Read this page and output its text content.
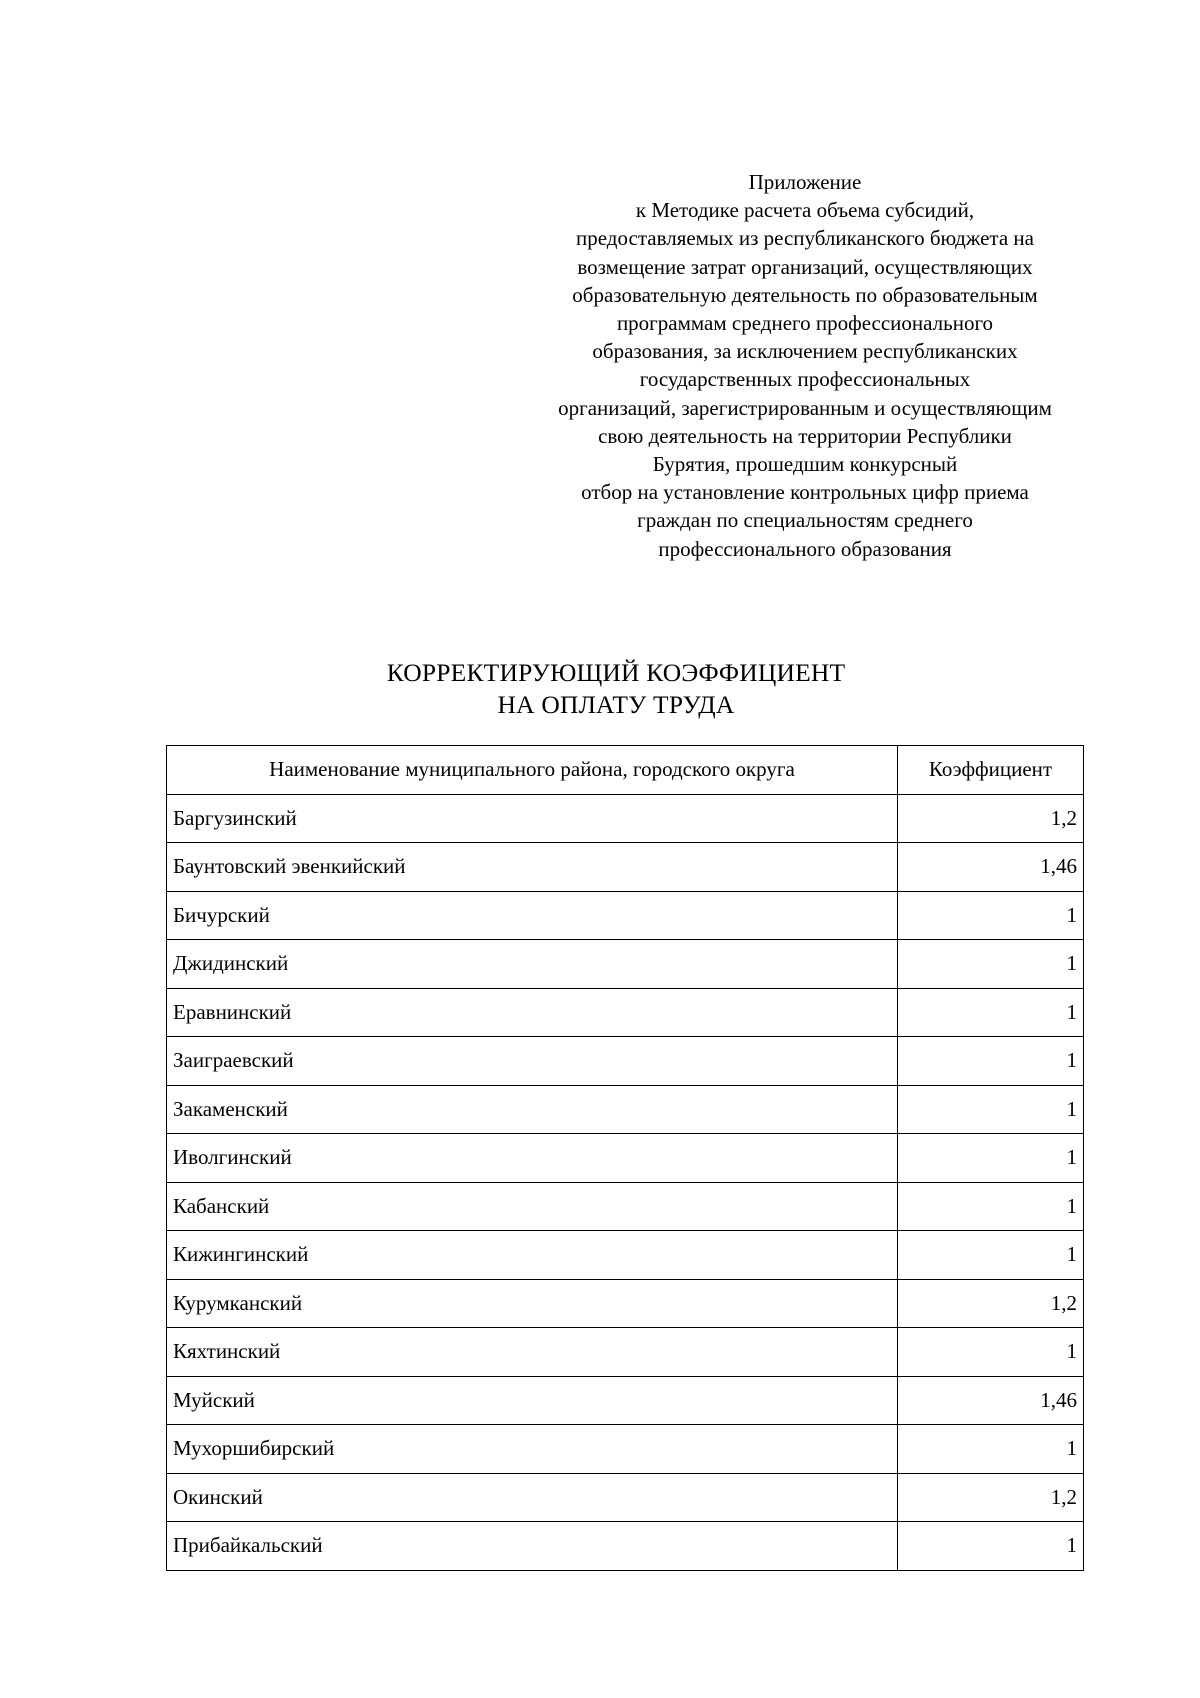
Приложение
к Методике расчета объема субсидий,
предоставляемых из республиканского бюджета на
возмещение затрат организаций, осуществляющих
образовательную деятельность по образовательным
программам среднего профессионального
образования, за исключением республиканских
государственных профессиональных
организаций, зарегистрированным и осуществляющим
свою деятельность на территории Республики
Бурятия, прошедшим конкурсный
отбор на установление контрольных цифр приема
граждан по специальностям среднего
профессионального образования
КОРРЕКТИРУЮЩИЙ КОЭФФИЦИЕНТ
НА ОПЛАТУ ТРУДА
Наименование муниципального района, городского округа	Коэффициент
Баргузинский	1,2
Баунтовский эвенкийский	1,46
Бичурский	1
Джидинский	1
Еравнинский	1
Заиграевский	1
Закаменский	1
Иволгинский	1
Кабанский	1
Кижингинский	1
Курумканский	1,2
Кяхтинский	1
Муйский	1,46
Мухоршибирский	1
Окинский	1,2
Прибайкальский	1
